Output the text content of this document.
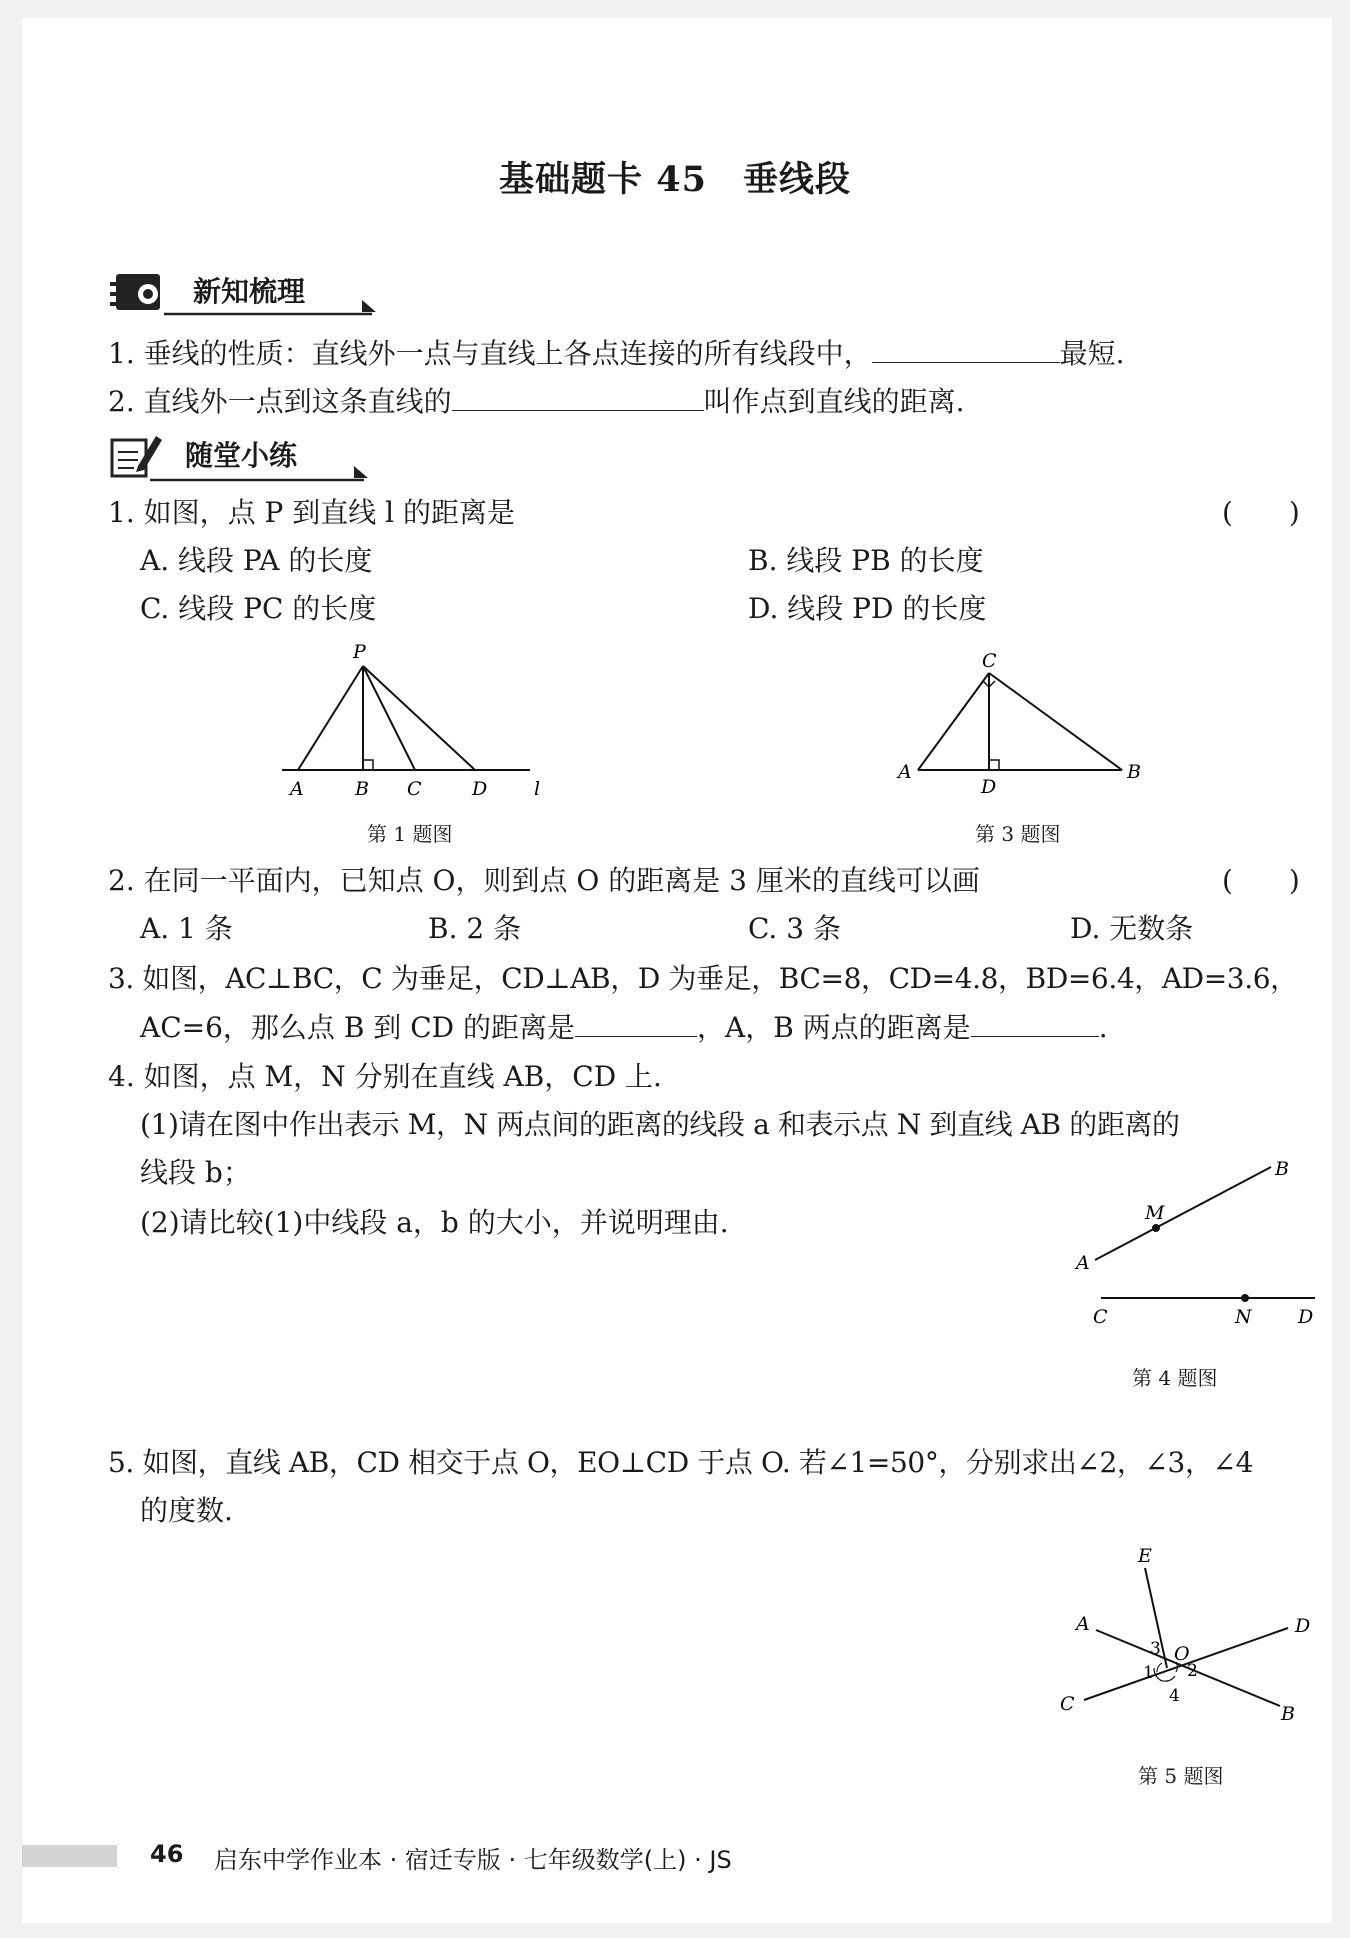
基础题卡 45　垂线段
新知梳理
1. 垂线的性质：直线外一点与直线上各点连接的所有线段中，	最短.
2. 直线外一点到这条直线的	叫作点到直线的距离.
随堂小练
1. 如图，点 P 到直线 l 的距离是	(　　)
A. 线段 PA 的长度	B. 线段 PB 的长度
C. 线段 PC 的长度	D. 线段 PD 的长度
P
A	B C	D l
第 1 题图
C
A
D
B
第 3 题图
2. 在同一平面内，已知点 O，则到点 O 的距离是 3 厘米的直线可以画	(　　)
A. 1 条	B. 2 条	C. 3 条	D. 无数条
3. 如图，AC⊥BC，C 为垂足，CD⊥AB，D 为垂足，BC=8，CD=4.8，BD=6.4，AD=3.6，
AC=6，那么点 B 到 CD 的距离是	，A，B 两点的距离是	.
4. 如图，点 M，N 分别在直线 AB，CD 上.
(1)请在图中作出表示 M，N 两点间的距离的线段 a 和表示点 N 到直线 AB 的距离的
线段 b；
(2)请比较(1)中线段 a，b 的大小，并说明理由.
B
M
A
C	N D
第 4 题图
5. 如图，直线 AB，CD 相交于点 O，EO⊥CD 于点 O. 若∠1=50°，分别求出∠2，∠3，∠4
的度数.
E
A	D
O
3
1 2
4
C	B
第 5 题图
46 启东中学作业本 · 宿迁专版 · 七年级数学(上) · JS
